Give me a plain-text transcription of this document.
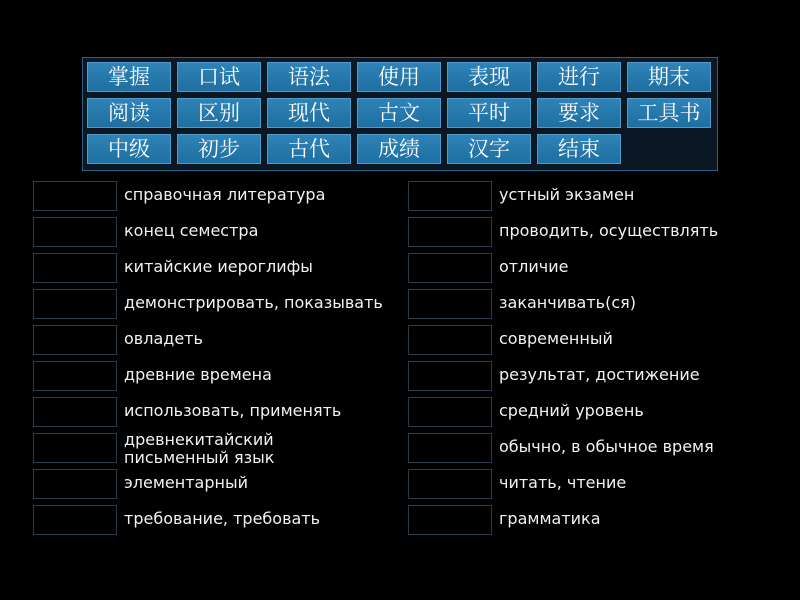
掌握	口试	语法	使用	表现	进行	期末
阅读	区别	现代	古文	平时	要求	工具书
中级	初步	古代	成绩	汉字	结束
справочная литература
конец семестра
китайские иероглифы
демонстрировать, показывать
овладеть
древние времена
использовать, применять
древнекитайский
письменный язык
элементарный
требование, требовать
устный экзамен
проводить, осуществлять
отличие
заканчивать(ся)
современный
результат, достижение
средний уровень
обычно, в обычное время
читать, чтение
грамматика
